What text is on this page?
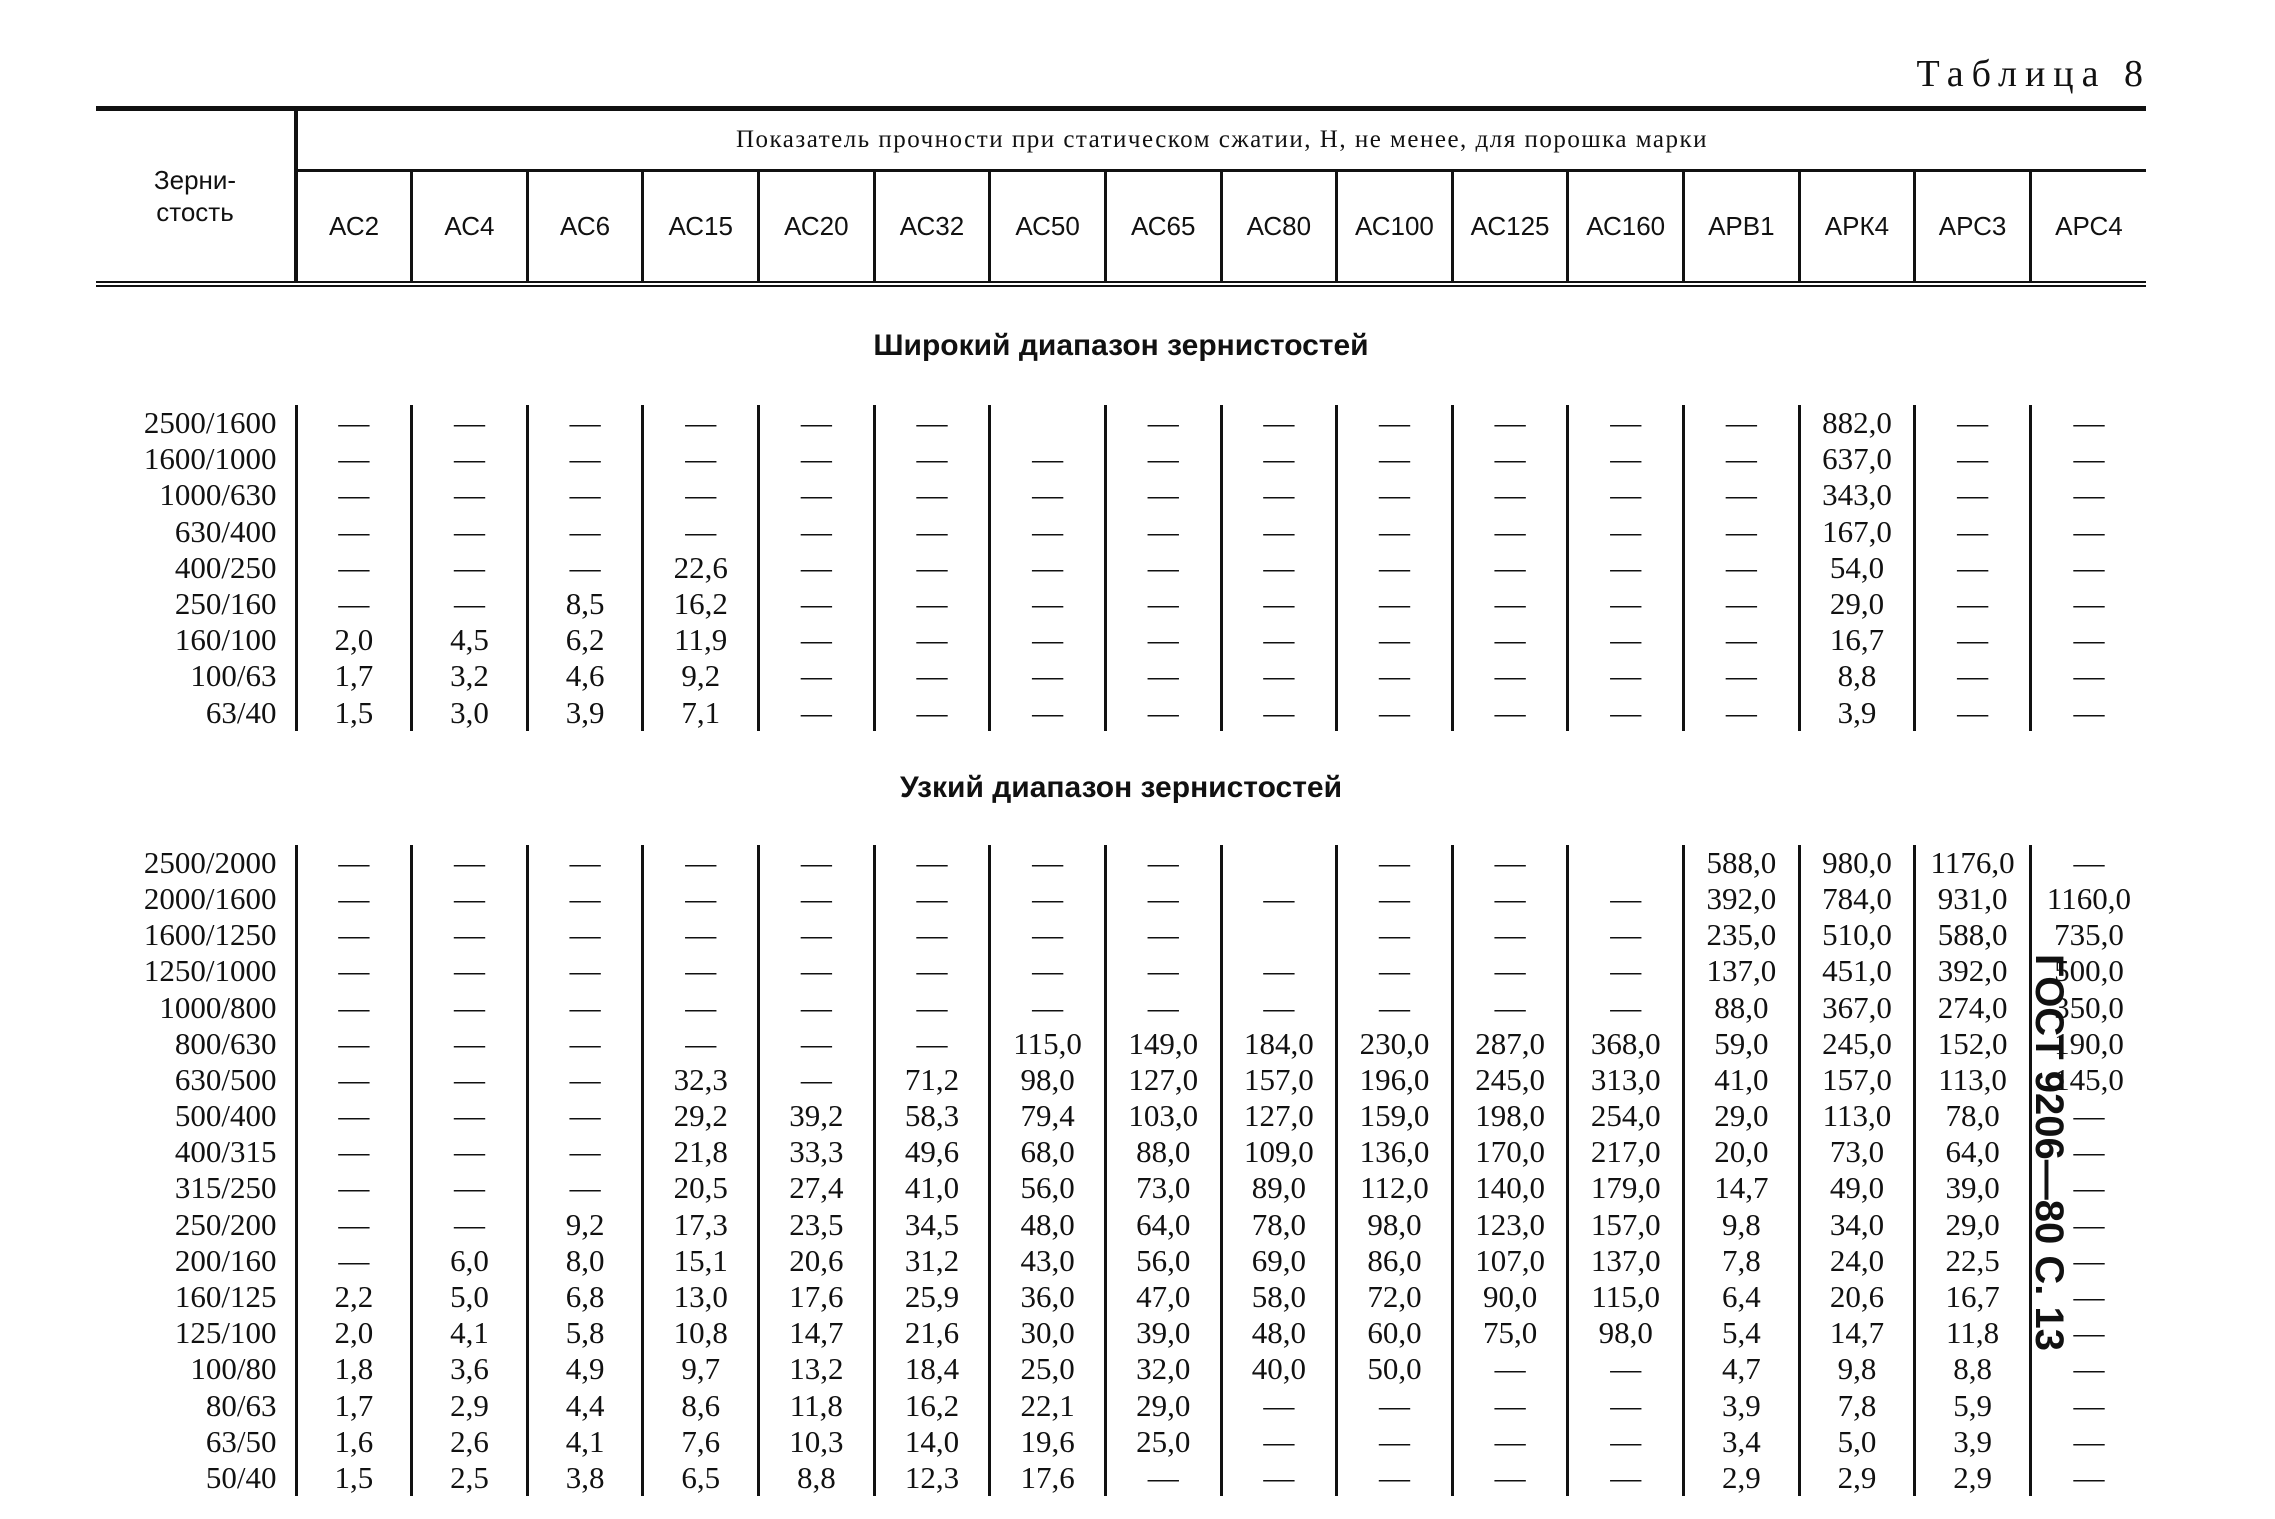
Таблица 8
ГОСТ 9206—80 С. 13
Зерни-
стость	Показатель прочности при статическом сжатии, Н, не менее, для порошка марки															
	АС2	АС4	АС6	АС15	АС20	АС32	АС50	АС65	АС80	АС100	АС125	АС160	АРВ1	АРК4	АРС3	АРС4
Широкий диапазон зернистостей																
2500/1600	—	—	—	—	—	—		—	—	—	—	—	—	882,0	—	—
1600/1000	—	—	—	—	—	—	—	—	—	—	—	—	—	637,0	—	—
1000/630	—	—	—	—	—	—	—	—	—	—	—	—	—	343,0	—	—
630/400	—	—	—	—	—	—	—	—	—	—	—	—	—	167,0	—	—
400/250	—	—	—	22,6	—	—	—	—	—	—	—	—	—	54,0	—	—
250/160	—	—	8,5	16,2	—	—	—	—	—	—	—	—	—	29,0	—	—
160/100	2,0	4,5	6,2	11,9	—	—	—	—	—	—	—	—	—	16,7	—	—
100/63	1,7	3,2	4,6	9,2	—	—	—	—	—	—	—	—	—	8,8	—	—
63/40	1,5	3,0	3,9	7,1	—	—	—	—	—	—	—	—	—	3,9	—	—
Узкий диапазон зернистостей																
2500/2000	—	—	—	—	—	—	—	—		—	—		588,0	980,0	1176,0	—
2000/1600	—	—	—	—	—	—	—	—	—	—	—	—	392,0	784,0	931,0	1160,0
1600/1250	—	—	—	—	—	—	—	—		—	—	—	235,0	510,0	588,0	735,0
1250/1000	—	—	—	—	—	—	—	—	—	—	—	—	137,0	451,0	392,0	500,0
1000/800	—	—	—	—	—	—	—	—	—	—	—	—	88,0	367,0	274,0	350,0
800/630	—	—	—	—	—	—	115,0	149,0	184,0	230,0	287,0	368,0	59,0	245,0	152,0	190,0
630/500	—	—	—	32,3	—	71,2	98,0	127,0	157,0	196,0	245,0	313,0	41,0	157,0	113,0	145,0
500/400	—	—	—	29,2	39,2	58,3	79,4	103,0	127,0	159,0	198,0	254,0	29,0	113,0	78,0	—
400/315	—	—	—	21,8	33,3	49,6	68,0	88,0	109,0	136,0	170,0	217,0	20,0	73,0	64,0	—
315/250	—	—	—	20,5	27,4	41,0	56,0	73,0	89,0	112,0	140,0	179,0	14,7	49,0	39,0	—
250/200	—	—	9,2	17,3	23,5	34,5	48,0	64,0	78,0	98,0	123,0	157,0	9,8	34,0	29,0	—
200/160	—	6,0	8,0	15,1	20,6	31,2	43,0	56,0	69,0	86,0	107,0	137,0	7,8	24,0	22,5	—
160/125	2,2	5,0	6,8	13,0	17,6	25,9	36,0	47,0	58,0	72,0	90,0	115,0	6,4	20,6	16,7	—
125/100	2,0	4,1	5,8	10,8	14,7	21,6	30,0	39,0	48,0	60,0	75,0	98,0	5,4	14,7	11,8	—
100/80	1,8	3,6	4,9	9,7	13,2	18,4	25,0	32,0	40,0	50,0	—	—	4,7	9,8	8,8	—
80/63	1,7	2,9	4,4	8,6	11,8	16,2	22,1	29,0	—	—	—	—	3,9	7,8	5,9	—
63/50	1,6	2,6	4,1	7,6	10,3	14,0	19,6	25,0	—	—	—	—	3,4	5,0	3,9	—
50/40	1,5	2,5	3,8	6,5	8,8	12,3	17,6	—	—	—	—	—	2,9	2,9	2,9	—
